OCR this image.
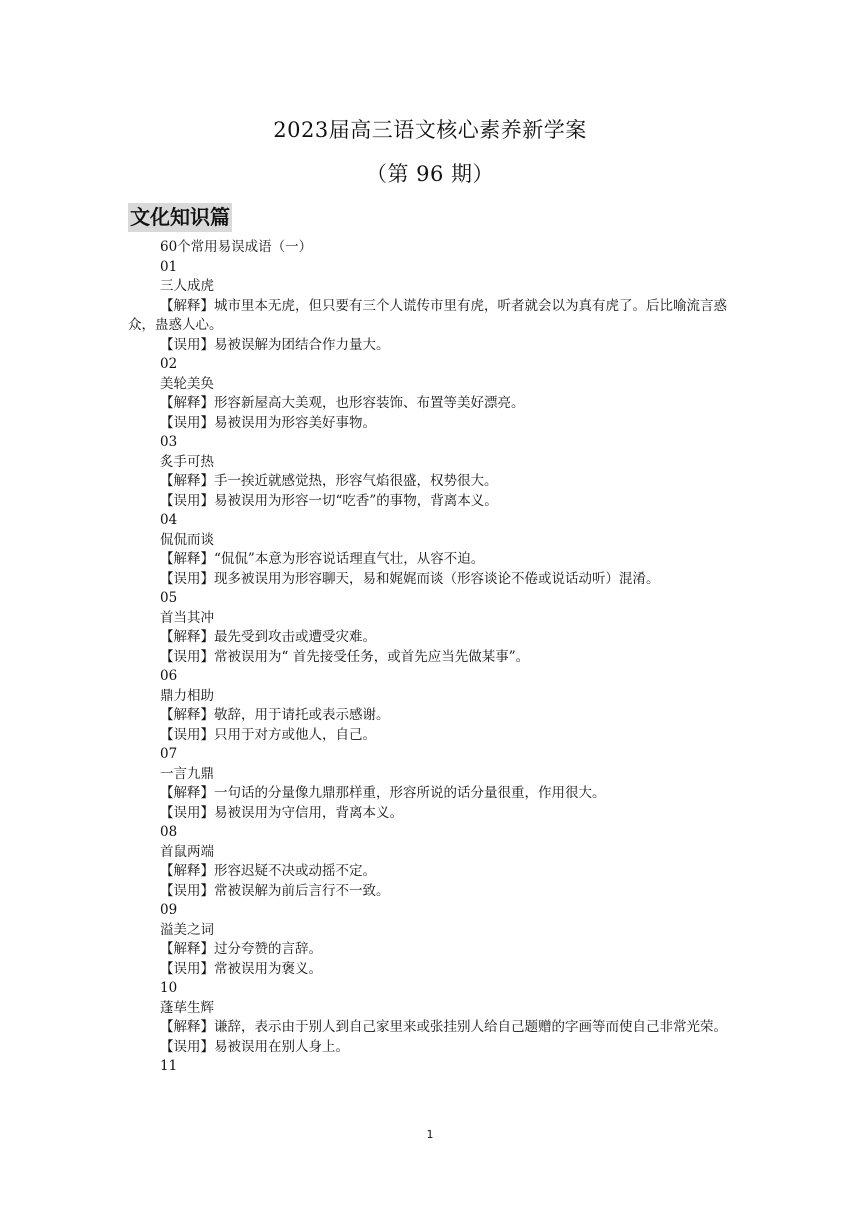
2023届高三语文核心素养新学案
（第 96 期）
文化知识篇

60个常用易误成语（一）

01

三人成虎

【解释】城市里本无虎，但只要有三个人谎传市里有虎，听者就会以为真有虎了。后比喻流言惑众，蛊惑人心。

【误用】易被误解为团结合作力量大。

02

美轮美奂

【解释】形容新屋高大美观，也形容装饰、布置等美好漂亮。

【误用】易被误用为形容美好事物。

03

炙手可热

【解释】手一挨近就感觉热，形容气焰很盛，权势很大。

【误用】易被误用为形容一切“吃香”的事物，背离本义。

04

侃侃而谈

【解释】“侃侃”本意为形容说话理直气壮，从容不迫。

【误用】现多被误用为形容聊天，易和娓娓而谈（形容谈论不倦或说话动听）混淆。

05

首当其冲

【解释】最先受到攻击或遭受灾难。

【误用】常被误用为“ 首先接受任务，或首先应当先做某事”。

06

鼎力相助

【解释】敬辞，用于请托或表示感谢。

【误用】只用于对方或他人，自己。

07

一言九鼎

【解释】一句话的分量像九鼎那样重，形容所说的话分量很重，作用很大。

【误用】易被误用为守信用，背离本义。

08

首鼠两端

【解释】形容迟疑不决或动摇不定。

【误用】常被误解为前后言行不一致。

09

溢美之词

【解释】过分夸赞的言辞。

【误用】常被误用为褒义。

10

蓬荜生辉

【解释】谦辞，表示由于别人到自己家里来或张挂别人给自己题赠的字画等而使自己非常光荣。

【误用】易被误用在别人身上。

11

1
